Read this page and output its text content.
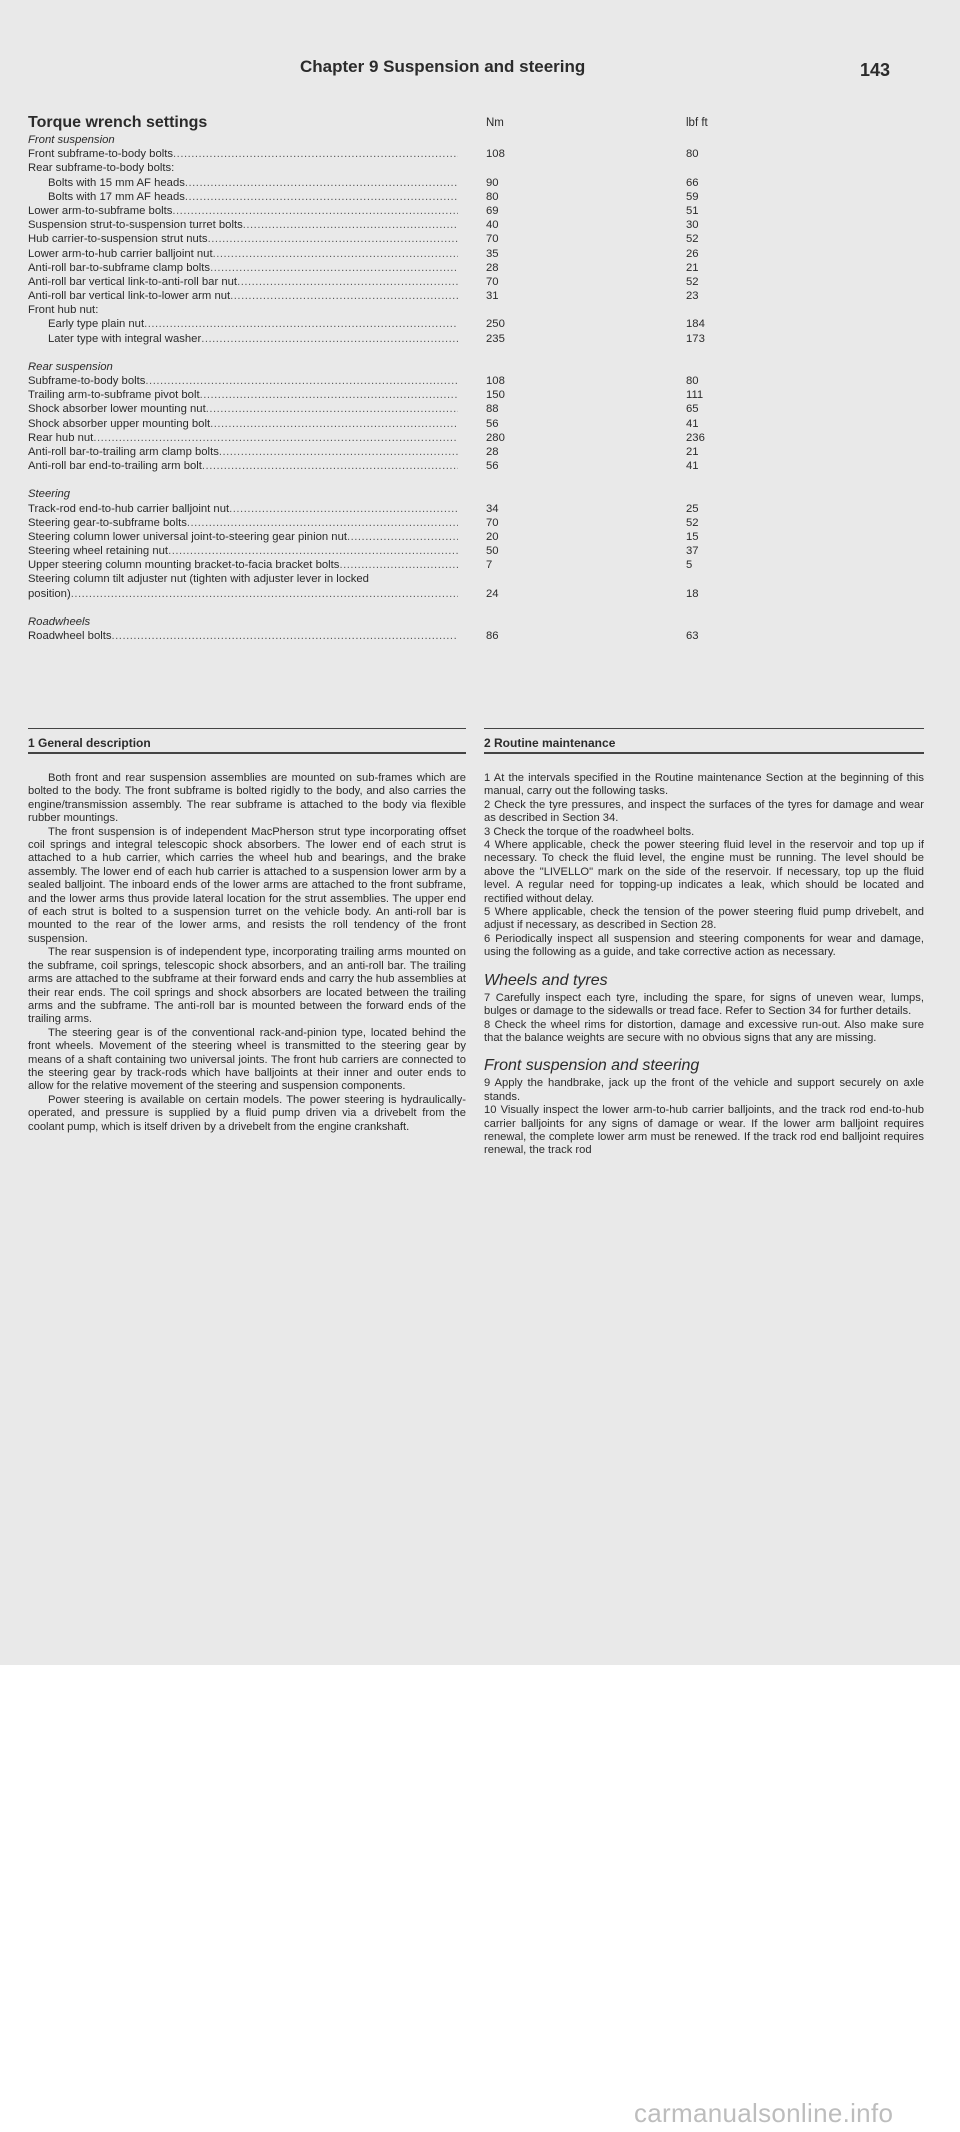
Chapter 9 Suspension and steering	143
Torque wrench settings	Nm	lbf ft
Front suspension
Front subframe-to-body bolts .....	108	80
Rear subframe-to-body bolts:
Bolts with 15 mm AF heads .....	90	66
Bolts with 17 mm AF heads .....	80	59
Lower arm-to-subframe bolts .....	69	51
Suspension strut-to-suspension turret bolts .....	40	30
Hub carrier-to-suspension strut nuts .....	70	52
Lower arm-to-hub carrier balljoint nut .....	35	26
Anti-roll bar-to-subframe clamp bolts .....	28	21
Anti-roll bar vertical link-to-anti-roll bar nut .....	70	52
Anti-roll bar vertical link-to-lower arm nut .....	31	23
Front hub nut:
Early type plain nut .....	250	184
Later type with integral washer .....	235	173
Rear suspension
Subframe-to-body bolts .....	108	80
Trailing arm-to-subframe pivot bolt .....	150	111
Shock absorber lower mounting nut .....	88	65
Shock absorber upper mounting bolt .....	56	41
Rear hub nut .....	280	236
Anti-roll bar-to-trailing arm clamp bolts .....	28	21
Anti-roll bar end-to-trailing arm bolt .....	56	41
Steering
Track-rod end-to-hub carrier balljoint nut .....	34	25
Steering gear-to-subframe bolts .....	70	52
Steering column lower universal joint-to-steering gear pinion nut .....	20	15
Steering wheel retaining nut .....	50	37
Upper steering column mounting bracket-to-facia bracket bolts .....	7	5
Steering column tilt adjuster nut (tighten with adjuster lever in locked
position) .....	24	18
Roadwheels
Roadwheel bolts .....	86	63
1 General description

Both front and rear suspension assemblies are mounted on sub-frames which are bolted to the body. The front subframe is bolted rigidly to the body, and also carries the engine/transmission assembly. The rear subframe is attached to the body via flexible rubber mountings.

The front suspension is of independent MacPherson strut type incorporating offset coil springs and integral telescopic shock absorbers. The lower end of each strut is attached to a hub carrier, which carries the wheel hub and bearings, and the brake assembly. The lower end of each hub carrier is attached to a suspension lower arm by a sealed balljoint. The inboard ends of the lower arms are attached to the front subframe, and the lower arms thus provide lateral location for the strut assemblies. The upper end of each strut is bolted to a suspension turret on the vehicle body. An anti-roll bar is mounted to the rear of the lower arms, and resists the roll tendency of the front suspension.

The rear suspension is of independent type, incorporating trailing arms mounted on the subframe, coil springs, telescopic shock absorbers, and an anti-roll bar. The trailing arms are attached to the subframe at their forward ends and carry the hub assemblies at their rear ends. The coil springs and shock absorbers are located between the trailing arms and the subframe. The anti-roll bar is mounted between the forward ends of the trailing arms.

The steering gear is of the conventional rack-and-pinion type, located behind the front wheels. Movement of the steering wheel is transmitted to the steering gear by means of a shaft containing two universal joints. The front hub carriers are connected to the steering gear by track-rods which have balljoints at their inner and outer ends to allow for the relative movement of the steering and suspension components.

Power steering is available on certain models. The power steering is hydraulically-operated, and pressure is supplied by a fluid pump driven via a drivebelt from the coolant pump, which is itself driven by a drivebelt from the engine crankshaft.

2 Routine maintenance

1 At the intervals specified in the Routine maintenance Section at the beginning of this manual, carry out the following tasks.

2 Check the tyre pressures, and inspect the surfaces of the tyres for damage and wear as described in Section 34.

3 Check the torque of the roadwheel bolts.

4 Where applicable, check the power steering fluid level in the reservoir and top up if necessary. To check the fluid level, the engine must be running. The level should be above the "LIVELLO" mark on the side of the reservoir. If necessary, top up the fluid level. A regular need for topping-up indicates a leak, which should be located and rectified without delay.

5 Where applicable, check the tension of the power steering fluid pump drivebelt, and adjust if necessary, as described in Section 28.

6 Periodically inspect all suspension and steering components for wear and damage, using the following as a guide, and take corrective action as necessary.

Wheels and tyres

7 Carefully inspect each tyre, including the spare, for signs of uneven wear, lumps, bulges or damage to the sidewalls or tread face. Refer to Section 34 for further details.

8 Check the wheel rims for distortion, damage and excessive run-out. Also make sure that the balance weights are secure with no obvious signs that any are missing.

Front suspension and steering

9 Apply the handbrake, jack up the front of the vehicle and support securely on axle stands.

10 Visually inspect the lower arm-to-hub carrier balljoints, and the track rod end-to-hub carrier balljoints for any signs of damage or wear. If the lower arm balljoint requires renewal, the complete lower arm must be renewed. If the track rod end balljoint requires renewal, the track rod

carmanualsonline.info
